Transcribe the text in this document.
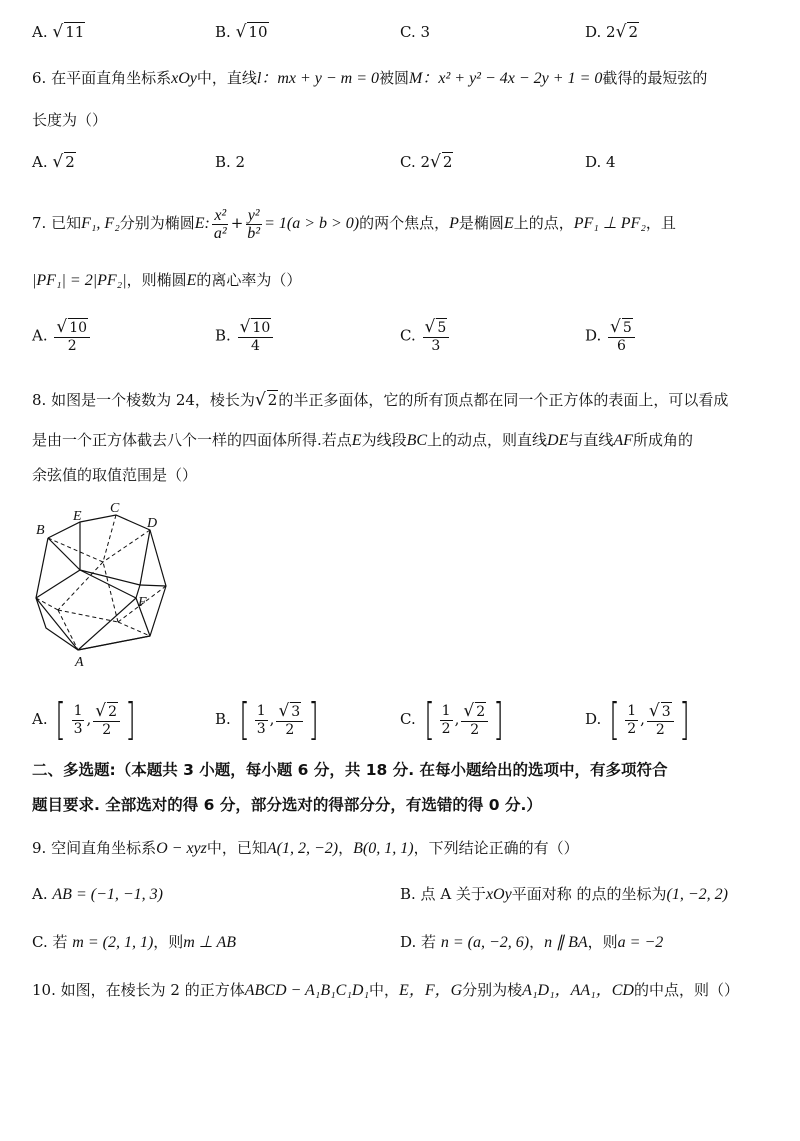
A. √ 11	B. √ 10	C. 3	D. 2√ 2
6. 在平面直角坐标系xOy中，直线l：mx + y − m = 0被圆M：x² + y² − 4x − 2y + 1 = 0截得的最短弦的
长度为（）
A. √ 2	B. 2	C. 2√ 2	D. 4
7. 已知F₁, F₂分别为椭圆E: $\frac{\text{x²}}{\text{a²}} + \frac{\text{y²}}{\text{b²}} = 1(a > b > 0)$的两个焦点，P是椭圆E上的点，PF₁ ⊥ PF₂，且
|PF₁| = 2|PF₂|，则椭圆E的离心率为（）
A. $\frac{√ 10}{2}$	B. $\frac{√ 10}{4}$	C. $\frac{√ 5}{3}$	D. $\frac{√ 5}{6}$
8. 如图是一个棱数为 24，棱长为√ 2的半正多面体，它的所有顶点都在同一个正方体的表面上，可以看成
是由一个正方体截去八个一样的四面体所得.若点E为线段BC上的动点，则直线DE与直线AF所成角的
余弦值的取值范围是（）
B
E
C
D
F
A
A. [ $\frac{1}{3}$ , $\frac{√ 2}{2}$ ]	B. [ $\frac{1}{3}$ , $\frac{√ 3}{2}$ ]	C. [ $\frac{1}{2}$ , $\frac{√ 2}{2}$ ]	D. [ $\frac{1}{2}$ , $\frac{√ 3}{2}$ ]
二、多选题:（本题共 3 小题，每小题 6 分，共 18 分. 在每小题给出的选项中，有多项符合
题目要求. 全部选对的得 6 分，部分选对的得部分分，有选错的得 0 分.）
9. 空间直角坐标系O − xyz中，已知A(1, 2, −2)，B(0, 1, 1)，下列结论正确的有（）
A. AB = (−1, −1, 3)	B. 点 A 关于xOy平面对称 的点的坐标为(1, −2, 2)
C. 若 m = (2, 1, 1)，则m ⊥ AB	D. 若 n = (a, −2, 6)，n ∥ BA，则a = −2
10. 如图，在棱长为 2 的正方体ABCD − A₁B₁C₁D₁中，E，F，G分别为棱A₁D₁，AA₁，CD的中点，则（）
